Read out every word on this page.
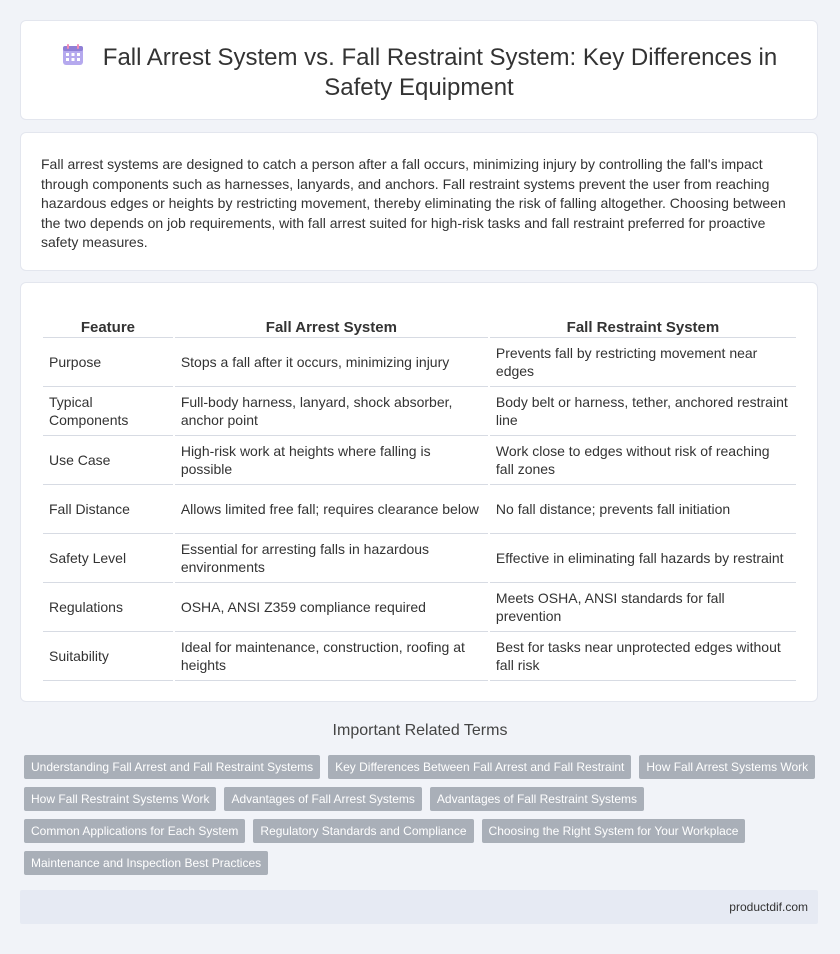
Fall Arrest System vs. Fall Restraint System: Key Differences in Safety Equipment

Fall arrest systems are designed to catch a person after a fall occurs, minimizing injury by controlling the fall's impact through components such as harnesses, lanyards, and anchors. Fall restraint systems prevent the user from reaching hazardous edges or heights by restricting movement, thereby eliminating the risk of falling altogether. Choosing between the two depends on job requirements, with fall arrest suited for high-risk tasks and fall restraint preferred for proactive safety measures.

Feature	Fall Arrest System	Fall Restraint System
Purpose	Stops a fall after it occurs, minimizing injury	Prevents fall by restricting movement near edges
Typical Components	Full-body harness, lanyard, shock absorber, anchor point	Body belt or harness, tether, anchored restraint line
Use Case	High-risk work at heights where falling is possible	Work close to edges without risk of reaching fall zones
Fall Distance	Allows limited free fall; requires clearance below	No fall distance; prevents fall initiation
Safety Level	Essential for arresting falls in hazardous environments	Effective in eliminating fall hazards by restraint
Regulations	OSHA, ANSI Z359 compliance required	Meets OSHA, ANSI standards for fall prevention
Suitability	Ideal for maintenance, construction, roofing at heights	Best for tasks near unprotected edges without fall risk
Important Related Terms
Understanding Fall Arrest and Fall Restraint Systems	Key Differences Between Fall Arrest and Fall Restraint	How Fall Arrest Systems Work
How Fall Restraint Systems Work	Advantages of Fall Arrest Systems	Advantages of Fall Restraint Systems
Common Applications for Each System	Regulatory Standards and Compliance	Choosing the Right System for Your Workplace
Maintenance and Inspection Best Practices
productdif.com
